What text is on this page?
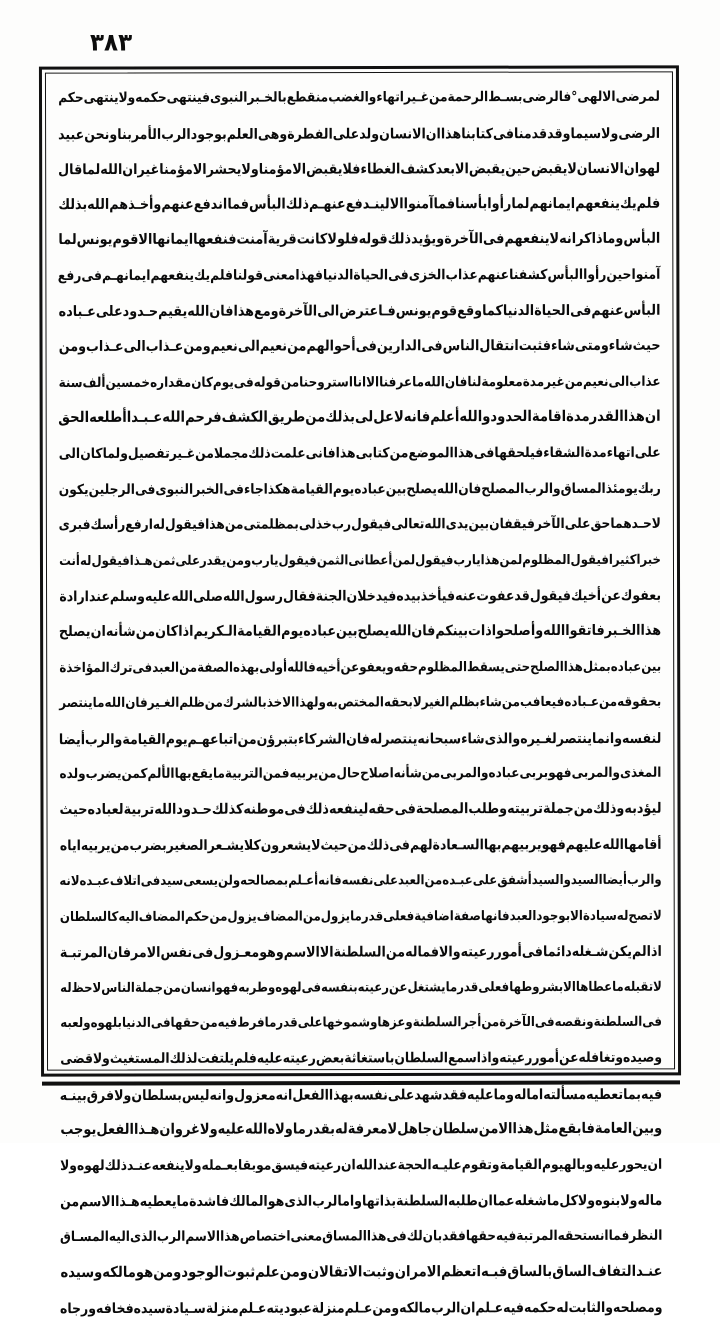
٣٨٣
لمرضى
الالهى°
فالرضى
بسـط
الرحمة
من
غـير
اتهاء
والغضب
منقطع
بالخـبر
النبوى
فينتهى
حكمه
ولا
ينتهى
حكم
الرضى
ولاسيما
وقد
قدمنا
فى
كتابنا
هذا
ان
الانسان
ولد
على
الفطرة
وهى
العلم
بوجود
الرب
الأمر
بنا
ونحن
عبيد
لهوان
الانسان
لا
يقبض
حين
يقبض
الا
بعد
كشف
الغطاء
فلا
يقبض
الا
مؤمنا
ولا
يحشر
الا
مؤمنا
غير
ان
الله
لما
قال
فلم
يك
ينفعهم
ايمانهم
لما
رأوا
بأسنا
فما
آمنوا
الا
لينـدفع
عنهـم
ذلك
البأس
فما
اندفع
عنهم
وأخـذهم
الله
بذلك
البأس
وماذا
كر
انه
لا
ينفعهم
فى
الآخرة
ويؤ
يد
ذلك
قوله
فلولا
كانت
قرية
آمنت
فنفعها
ايمانها
الا
قوم
يونس
لما
آمنوا
حين
رأوا
البأس
كشفنا
عنهم
عذاب
الخزى
فى
الحياة
الدنيا
فهذا
معنى
قولنا
فلم
يك
ينفعهم
ايمانهـم
فى
رفع
البأس
عنهم
فى
الحياة
الدنيا
كما
وقع
قوم
يونس
فـاعترض
الى
الآخرة
ومع
هذا
فان
الله
يقيم
حـدود
على
عـباده
حيث
شاء
ومتى
شاء
فثبت
انتقال
الناس
فى
الدار
ين
فى
أحوالهم
من
نعيم
الى
نعيم
ومن
عـذاب
الى
عـذاب
ومن
عذاب
الى
نعيم
من
غير
مدة
معلومة
لنا
فان
الله
ما
عرفنا
الا
انا
استر
وحنا
من
قوله
فى
يوم
كان
مقداره
خمسين
ألف
سنة
ان
هذا
القدر
مدة
اقامة
الحدود
والله
أعلم
فانه
لا
عل
لى
بذلك
من
طر
يق
الكشف
فرحم
الله
عـبـدا
أطلعه
الحق
على
اتهاء
مدة
الشقاء
فيلحقها
فى
هذا
الموضع
من
كتابى
هذا
فانى
علمت
ذلك
مجملا
من
غـير
تفصيل
ولما
كان
الى
ربك
يومئذ
المساق
والرب
المصلح
فان
الله
يصلح
بين
عباده
يوم
القيامة
هكذا
جاء
فى
الخبر
النبوى
فى
الرجلين
يكون
لاحـدهما
حق
على
الآخر
فيقفان
بين
يدى
الله
تعالى
فيقول
رب
خذ
لى
بمظلمتى
من
هذا
فيقول
له
ارفع
رأسك
فبرى
خبرا
كثيرا
فيقول
المظلوم
لمن
هذا
يارب
فيقول
لمن
أعطانى
الثمن
فيقول
يارب
ومن
يقدر
على
ثمن
هـذا
فيقول
له
أنت
بعفوك
عن
أخيك
فيقول
قد
عفوت
عنه
فيأخذ
بيده
فيدخلان
الجنة
فقال
رسول
الله
صلى
الله
عليه
وسلم
عند
ارادة
هذا
الخـبر
فاتقوا
الله
وأصلحوا
ذات
بينكم
فان
الله
يصلح
بين
عباده
يوم
القيامة
الـكر
يم
اذا
كان
من
شأنه
ان
يصلح
بين
عباده
بمثل
هذا
الصلح
حتى
يسقط
المظلوم
حقه
ويعفو
عن
أخيه
فالله
أولى
بهذه
الصفة
من
العبد
فى
ترك
المؤاخذة
بحقوقه
من
عـباده
فيعافب
من
شاء
بظلم
الغير
لا
بحقه
المختص
به
ولهذا
الاخذ
بالشرك
من
ظلم
الغـير
فان
الله
ما
ينتصر
لنفسه
وانما
ينتصر
لغـيره
والذى
شاء
سبحانه
ينتصر
له
فان
الشركاء
بتبر
ؤن
من
اتباعهـم
يوم
القيامة
والرب
أيضا
المغذى
والمر
بى
فهو
بر
بى
عباده
والمر
بى
من
شأنه
اصلاح
حال
من
ير
بيه
فمن
التربية
ما
يقع
بها
الألم
كمن
يضرب
ولده
ليؤدبه
وذلك
من
جملة
تر
بيته
وطلب
المصلحة
فى
حقه
لينفعه
ذلك
فى
موطنه
كذلك
حـدود
الله
تر
بية
لعباده
حيث
أقامها
الله
عليهم
فهو
ير
بيهم
بها
السـعادة
لهم
فى
ذلك
من
حيث
لا
يشعر
ون
كلا
يشـعر
الصغير
بضرب
من
ير
بيه
اياه
والرب
أيضا
السيد
والسيد
أشفق
على
عبـده
من
العبد
على
نفسه
فانه
أعـلم
بمصالحه
ولن
يسعى
سيد
فى
اتلاف
عبـده
لانه
لا
تصح
له
سيادة
الا
بوجود
العبد
فانها
صفة
اضافية
فعلى
قدر
ما
يز
ول
من
المضاف
يز
ول
من
حكم
المضاف
اليه
كالسلطان
اذا
لم
يكن
شـغله
دائما
فى
أمو
ر
رعيته
والا
فماله
من
السلطنة
الا
الاسم
وهو
معـزول
فى
نفس
الامر
فان
المرتبـة
لا
تقبله
ما
عطاها
الا
بشر
وطها
فعلى
قدر
ما
يشتغل
عن
رعيته
بنفسه
فى
لهوه
وطر
به
فهو
انسان
من
جملة
الناس
لا
حظ
له
فى
السلطنة
ونقصه
فى
الآخرة
من
أجر
السلطنة
وعزها
وشموخها
على
قدر
ما
فرط
فيه
من
حقها
فى
الدنيا
بلهوه
ولعبه
وصيده
وتغافله
عن
أمو
ر
رعيته
واذا
سمع
السلطان
باستغاثة
بعض
رعيته
عليه
فلم
يلتفت
لذلك
المستغيث
ولا
قضى
فيه
بما
تعطيه
مسألته
ا
ماله
وما
عليه
فقد
شهد
على
نفسه
بهذا
الفعل
انه
معز
ول
وانه
ليس
بسلطان
ولا
فرق
بينـه
وبين
العامة
فابقع
مثل
هذا
الامن
سلطان
جاهل
لا
معرفة
له
بقدر
ما
ولاه
الله
عليه
ولا
غر
وان
هـذا
الفعل
يوجب
ان
يحو
ر
عليه
وبالهيوم
القيامة
وتقوم
عليـه
الحجة
عند
الله
ان
رعيته
فيسق
مو
بقا
بعـمله
ولا
ينفعه
عنـد
ذلك
لهوه
ولا
ماله
ولا
بنوه
ولا
كل
ما
شغله
عما
ان
طلبه
السلطنة
بذاتها
وامالرب
الذى
هو
المالك
فاشدة
ما
يعطيه
هـذا
الاسم
من
النظر
فما
انستحقه
المرتبة
فيه
حقها
فقد
بان
لك
فى
هذا
المساق
معنى
اختصاص
هذا
الاسم
الرب
الذى
اليه
المسـاق
عنـد
التفاف
الساق
بالساق
فبـه
اتعظم
الامر
ان
وثبت
الاتقالان
ومن
علم
ثبوت
الوجود
ومن
هو
مالكه
وسيده
ومصلحه
والثابت
له
حكمه
فيه
عـلم
ان
الرب
مالكه
ومن
عـلم
منزلة
عبوديته
عـلم
منزلة
سـيادة
سيده
فخافه
ورجاه
